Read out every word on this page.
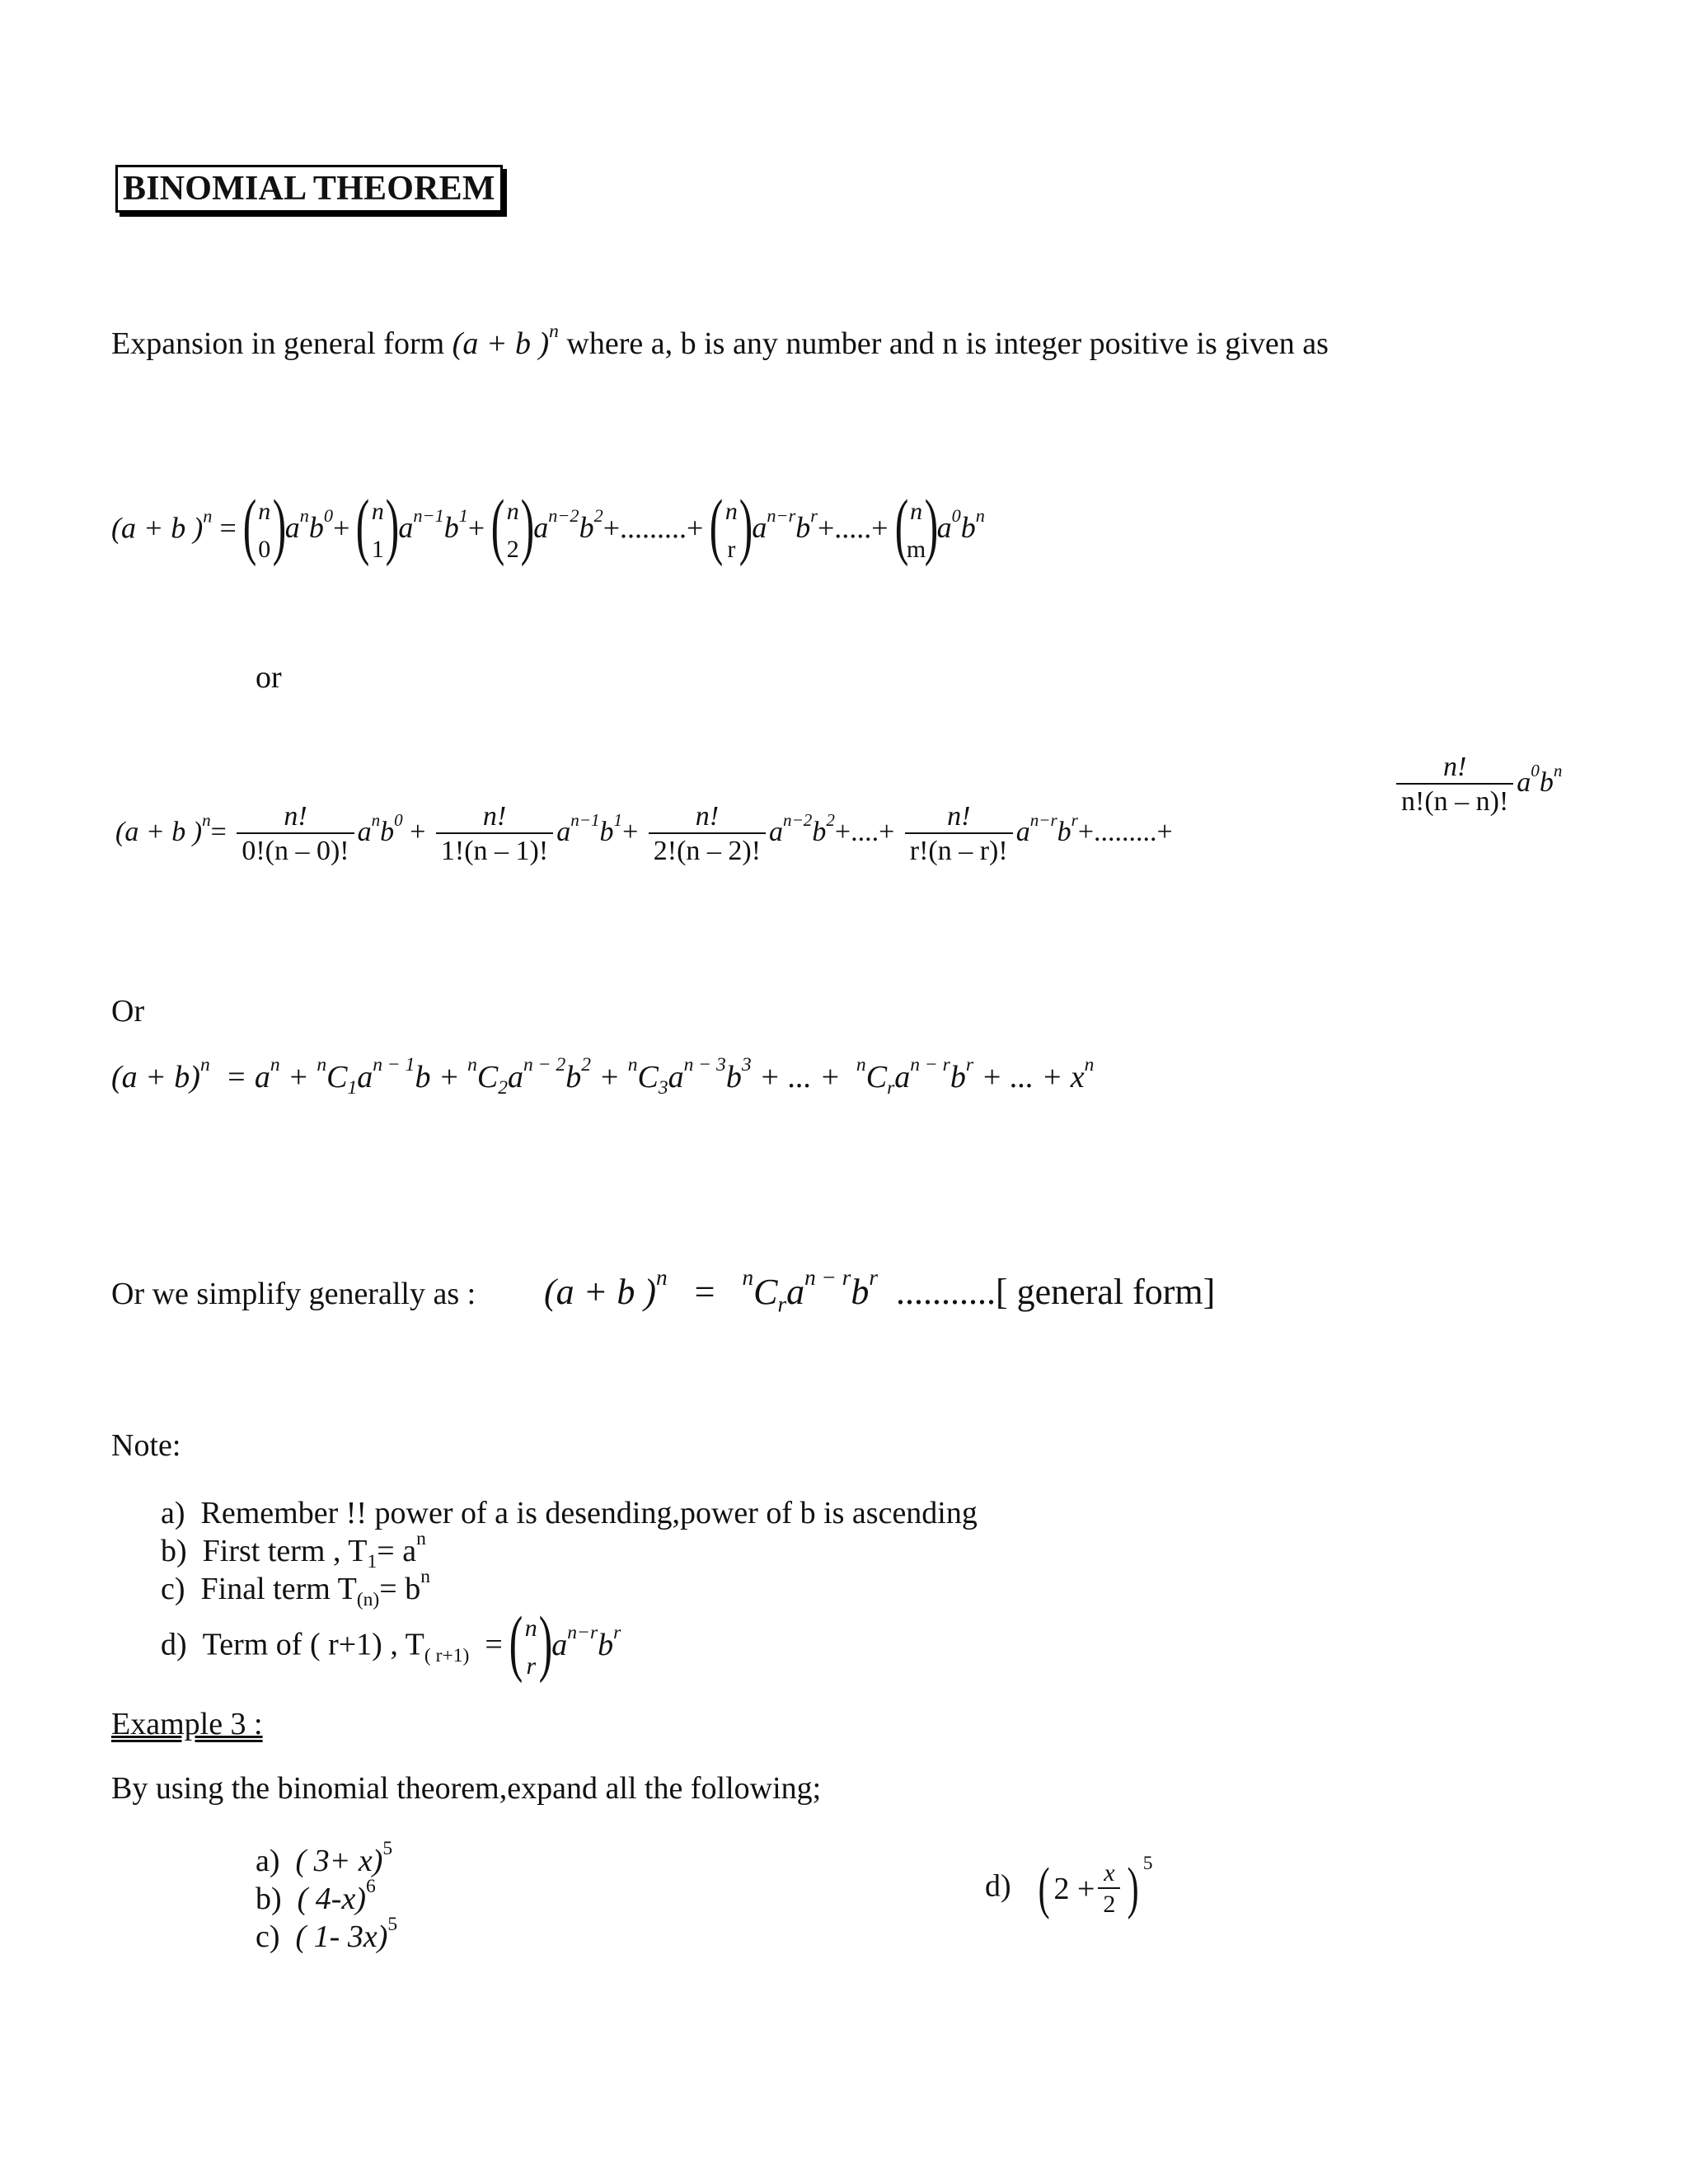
BINOMIAL THEOREM
Expansion in general form (a + b )$^n$ where a, b is any number and n is integer positive is given as
(a + b )$^n$ = ( n
0 )
$a^nb^0+$
( n
1 )
$a^{n-1}b^1+$
( n
2 )
$a^{n-2}b^2+.........+$ ( n
r )
$a^{n-r}b^r+.....+$ ( n
m
)
$a^0b^n$
or
(a + b )$^n= \frac{n!}{0!(n - 0)!} a^nb^0 + \frac{n!}{1!(n - 1)!} a^{n-1}b^1+ \frac{n!}{2!(n - 2)!} a^{n-2}b^2+....+ \frac{n!}{r!(n - r)!} a^{n-r}b^r+.........+$
$\frac{n!}{n!(n - n)!} a^0b^n$
Or
$(a + b)^n = a^n + ^nC_1a^{n - 1}b + ^nC_2a^{n - 2}b^2 + ^nC_3a^{n - 3}b^3$ + ... +  $^nC_ra^{n - r}b^r$ + ... + $x^n$
Or we simplify generally as : (a + b )$^n = ^nC_ra^{n - r}b^r$ ...........[ general form]
Note:
a) Remember !! power of a is desending,power of b is ascending
b) First term , $T_1= a^n$
c) Final term $T_{(n)}= b^n$
d) Term of ( r+1) , $T_{( r+1)}$  =
( n
r )
$a^{n-r}b^r$
Example 3 :
By using the binomial theorem,expand all the following;
a) ( 3+ x)$^5$
b) ( 4-x)$^6$
c) ( 1- 3x)$^5$
d) ( $2 + \frac{x}{2}$ ) $^5$
